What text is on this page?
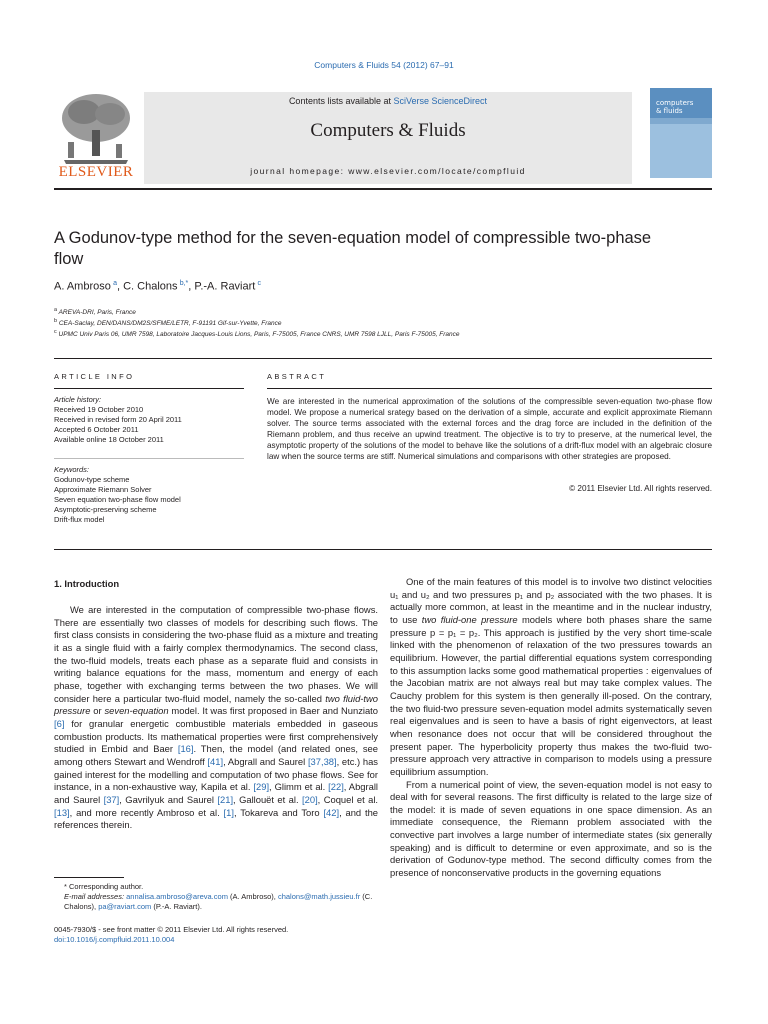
Computers & Fluids 54 (2012) 67–91
ELSEVIER
Contents lists available at SciVerse ScienceDirect
Computers & Fluids
journal homepage: www.elsevier.com/locate/compfluid
computers
& fluids
A Godunov-type method for the seven-equation model of compressible two-phase flow
A. Ambroso  $^a$, C. Chalons  $^{b,*}$, P.-A. Raviart  $^c$
$^a$ AREVA-DRI, Paris, France
$^b$ CEA-Saclay, DEN/DANS/DM2S/SFME/LETR, F-91191 Gif-sur-Yvette, France
$^c$ UPMC Univ Paris 06, UMR 7598, Laboratoire Jacques-Louis Lions, Paris, F-75005, France CNRS, UMR 7598 LJLL, Paris F-75005, France
ARTICLE INFO
Article history:
Received 19 October 2010
Received in revised form 20 April 2011
Accepted 6 October 2011
Available online 18 October 2011
Keywords:
Godunov-type scheme
Approximate Riemann Solver
Seven equation two-phase flow model
Asymptotic-preserving scheme
Drift-flux model
ABSTRACT
We are interested in the numerical approximation of the solutions of the compressible seven-equation two-phase flow model. We propose a numerical srategy based on the derivation of a simple, accurate and explicit approximate Riemann solver. The source terms associated with the external forces and the drag force are included in the definition of the Riemann problem, and thus receive an upwind treatment. The objective is to try to preserve, at the numerical level, the asymptotic property of the solutions of the model to behave like the solutions of a drift-flux model with an algebraic closure law when the source terms are stiff. Numerical simulations and comparisons with other strategies are proposed.
© 2011 Elsevier Ltd. All rights reserved.
1. Introduction

We are interested in the computation of compressible two-phase flows. There are essentially two classes of models for describing such flows. The first class consists in considering the two-phase fluid as a mixture and treating it as a single fluid with a fairly complex thermodynamics. The second class, the two-fluid models, treats each phase as a separate fluid and consists in writing balance equations for the mass, momentum and energy of each phase, together with exchanging terms between the two phases. We will consider here a particular two-fluid model, namely the so-called two fluid-two pressure or seven-equation model. It was first proposed in Baer and Nunziato [6] for granular energetic combustible materials embedded in gaseous combustion products. Its mathematical properties were first comprehensively studied in Embid and Baer [16]. Then, the model (and related ones, see among others Stewart and Wendroff [41], Abgrall and Saurel [37,38], etc.) has gained interest for the modelling and computation of two phase flows. See for instance, in a non-exhaustive way, Kapila et al. [29], Glimm et al. [22], Abgrall and Saurel [37], Gavrilyuk and Saurel [21], Gallouët et al. [20], Coquel et al. [13], and more recently Ambroso et al. [1], Tokareva and Toro [42], and the references therein.

One of the main features of this model is to involve two distinct velocities u₁ and u₂ and two pressures p₁ and p₂ associated with the two phases. It is actually more common, at least in the meantime and in the nuclear industry, to use two fluid-one pressure models where both phases share the same pressure p = p₁ = p₂. This approach is justified by the very short time-scale linked with the phenomenon of relaxation of the two pressures towards an equilibrium. However, the partial differential equations system corresponding to this assumption lacks some good mathematical properties : eigenvalues of the Jacobian matrix are not always real but may take complex values. The Cauchy problem for this system is then generally ill-posed. On the contrary, the two fluid-two pressure seven-equation model admits systematically seven real eigenvalues and is seen to have a basis of right eigenvectors, at least when resonance does not occur that will be considered throughout the present paper. The hyperbolicity property thus makes the two-fluid two-pressure approach very attractive in comparison to models using a pressure equilibrium assumption.

From a numerical point of view, the seven-equation model is not easy to deal with for several reasons. The first difficulty is related to the large size of the model: it is made of seven equations in one space dimension. As an immediate consequence, the Riemann problem associated with the convective part involves a large number of intermediate states (six generally speaking) and is difficult to determine or even approximate, and so is the derivation of Godunov-type method. The second difficulty comes from the presence of nonconservative products in the governing equations

* Corresponding author.
E-mail addresses: annalisa.ambroso@areva.com (A. Ambroso), chalons@math.jussieu.fr (C. Chalons), pa@raviart.com (P.-A. Raviart).
0045-7930/$ - see front matter © 2011 Elsevier Ltd. All rights reserved.
doi:10.1016/j.compfluid.2011.10.004
